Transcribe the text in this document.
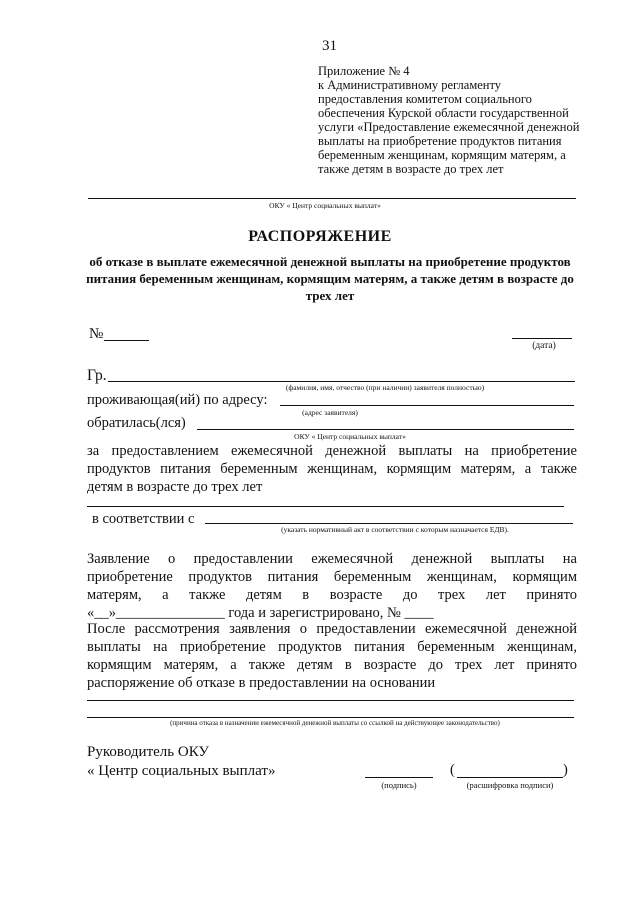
31
Приложение № 4
к Административному регламенту
предоставления комитетом социального
обеспечения Курской области государственной
услуги «Предоставление ежемесячной денежной
выплаты на приобретение продуктов питания
беременным женщинам, кормящим матерям, а
также детям в возрасте до трех лет
ОКУ « Центр социальных выплат»
РАСПОРЯЖЕНИЕ
об отказе в выплате ежемесячной денежной выплаты на приобретение продуктов
питания беременным женщинам, кормящим матерям, а также детям в возрасте до
трех лет
№
(дата)
Гр.
(фамилия, имя, отчество (при наличии) заявителя полностью)
проживающая(ий) по адресу:
(адрес заявителя)
обратилась(лся)
ОКУ « Центр социальных выплат»
за предоставлением ежемесячной денежной выплаты на приобретение
продуктов питания беременным женщинам, кормящим матерям, а также
детям в возрасте до трех лет
в соответствии с
(указать нормативный акт в соответствии с которым назначается ЕДВ).
Заявление о предоставлении ежемесячной денежной выплаты на
приобретение продуктов питания беременным женщинам, кормящим
матерям, а также детям в возрасте до трех лет принято
«__»_______________ года и зарегистрировано, № ____
После рассмотрения заявления о предоставлении ежемесячной денежной
выплаты на приобретение продуктов питания беременным женщинам,
кормящим матерям, а также детям в возрасте до трех лет принято
распоряжение об отказе в предоставлении на основании
(причина отказа в назначении ежемесячной денежной выплаты со ссылкой на действующее законодательство)
Руководитель ОКУ
« Центр социальных выплат»
(подпись)
(	)
(расшифровка подписи)
